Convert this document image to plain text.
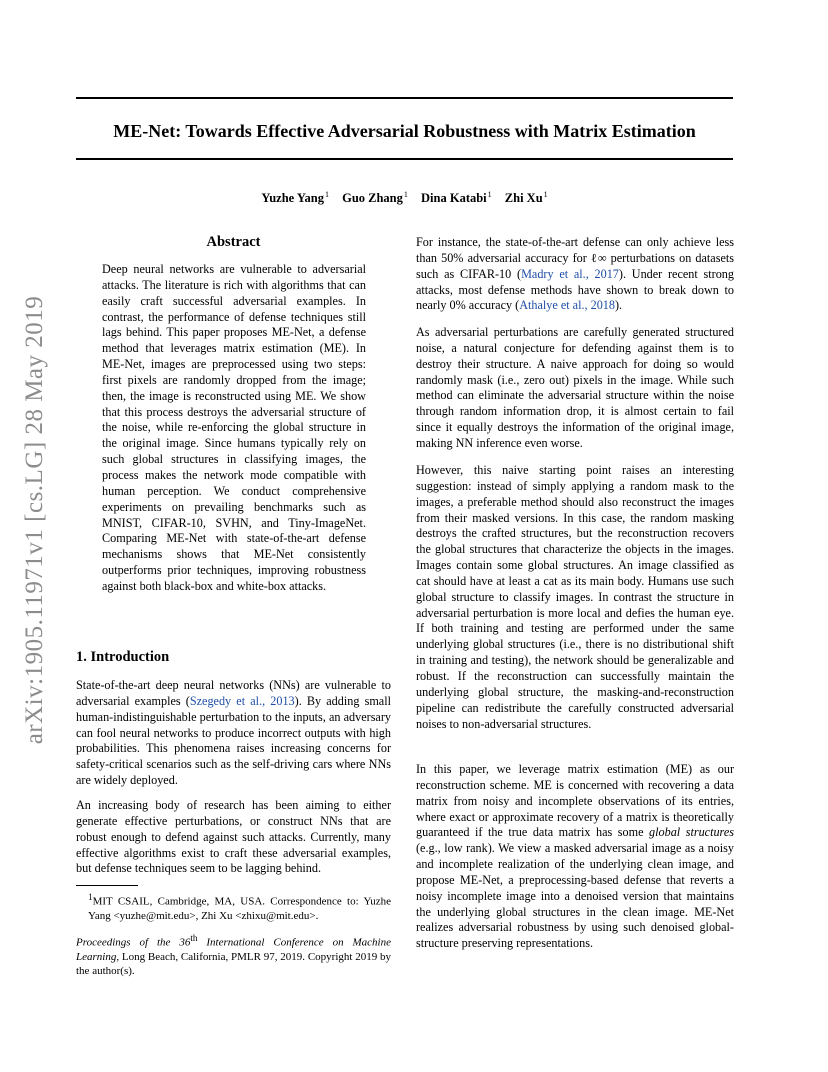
ME-Net: Towards Effective Adversarial Robustness with Matrix Estimation
Yuzhe Yang$^1$ Guo Zhang$^1$ Dina Katabi$^1$ Zhi Xu$^1$
arXiv:1905.11971v1 [cs.LG] 28 May 2019
Abstract

Deep neural networks are vulnerable to adversarial attacks. The literature is rich with algorithms that can easily craft successful adversarial examples. In contrast, the performance of defense techniques still lags behind. This paper proposes ME-Net, a defense method that leverages matrix estimation (ME). In ME-Net, images are preprocessed using two steps: first pixels are randomly dropped from the image; then, the image is reconstructed using ME. We show that this process destroys the adversarial structure of the noise, while re-enforcing the global structure in the original image. Since humans typically rely on such global structures in classifying images, the process makes the network mode compatible with human perception. We conduct comprehensive experiments on prevailing benchmarks such as MNIST, CIFAR-10, SVHN, and Tiny-ImageNet. Comparing ME-Net with state-of-the-art defense mechanisms shows that ME-Net consistently outperforms prior techniques, improving robustness against both black-box and white-box attacks.

1. Introduction

State-of-the-art deep neural networks (NNs) are vulnerable to adversarial examples (Szegedy et al., 2013). By adding small human-indistinguishable perturbation to the inputs, an adversary can fool neural networks to produce incorrect outputs with high probabilities. This phenomena raises increasing concerns for safety-critical scenarios such as the self-driving cars where NNs are widely deployed.

An increasing body of research has been aiming to either generate effective perturbations, or construct NNs that are robust enough to defend against such attacks. Currently, many effective algorithms exist to craft these adversarial examples, but defense techniques seem to be lagging behind.

$^1$MIT CSAIL, Cambridge, MA, USA. Correspondence to: Yuzhe Yang <yuzhe@mit.edu>, Zhi Xu <zhixu@mit.edu>.

Proceedings of the 36th International Conference on Machine Learning, Long Beach, California, PMLR 97, 2019. Copyright 2019 by the author(s).

For instance, the state-of-the-art defense can only achieve less than 50% adversarial accuracy for ℓ∞ perturbations on datasets such as CIFAR-10 (Madry et al., 2017). Under recent strong attacks, most defense methods have shown to break down to nearly 0% accuracy (Athalye et al., 2018).

As adversarial perturbations are carefully generated structured noise, a natural conjecture for defending against them is to destroy their structure. A naive approach for doing so would randomly mask (i.e., zero out) pixels in the image. While such method can eliminate the adversarial structure within the noise through random information drop, it is almost certain to fail since it equally destroys the information of the original image, making NN inference even worse.

However, this naive starting point raises an interesting suggestion: instead of simply applying a random mask to the images, a preferable method should also reconstruct the images from their masked versions. In this case, the random masking destroys the crafted structures, but the reconstruction recovers the global structures that characterize the objects in the images. Images contain some global structures. An image classified as cat should have at least a cat as its main body. Humans use such global structure to classify images. In contrast the structure in adversarial perturbation is more local and defies the human eye. If both training and testing are performed under the same underlying global structures (i.e., there is no distributional shift in training and testing), the network should be generalizable and robust. If the reconstruction can successfully maintain the underlying global structure, the masking-and-reconstruction pipeline can redistribute the carefully constructed adversarial noises to non-adversarial structures.

In this paper, we leverage matrix estimation (ME) as our reconstruction scheme. ME is concerned with recovering a data matrix from noisy and incomplete observations of its entries, where exact or approximate recovery of a matrix is theoretically guaranteed if the true data matrix has some global structures (e.g., low rank). We view a masked adversarial image as a noisy and incomplete realization of the underlying clean image, and propose ME-Net, a preprocessing-based defense that reverts a noisy incomplete image into a denoised version that maintains the underlying global structures in the clean image. ME-Net realizes adversarial robustness by using such denoised global-structure preserving representations.
